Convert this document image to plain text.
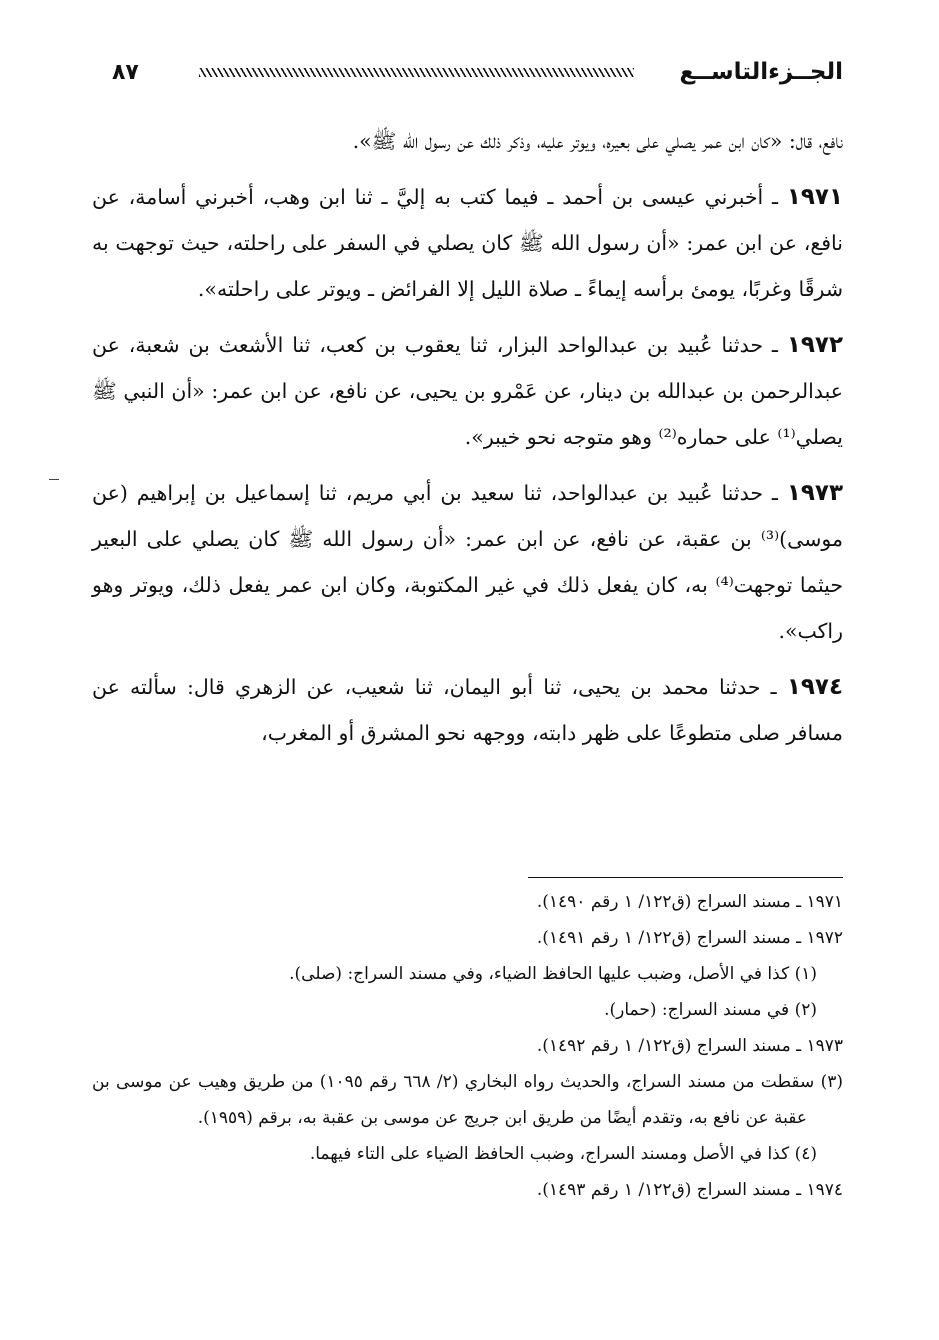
الجــزءالتاســع
٨٧

نافع، قال: «كان ابن عمر يصلي على بعيره، ويوتر عليه، وذكر ذلك عن رسول الله ﷺ».

١٩٧١ ـ أخبرني عيسى بن أحمد ـ فيما كتب به إليَّ ـ ثنا ابن وهب، أخبرني أسامة، عن نافع، عن ابن عمر: «أن رسول الله ﷺ كان يصلي في السفر على راحلته، حيث توجهت به شرقًا وغربًا، يومئ برأسه إيماءً ـ صلاة الليل إلا الفرائض ـ ويوتر على راحلته».

١٩٧٢ ـ حدثنا عُبيد بن عبدالواحد البزار، ثنا يعقوب بن كعب، ثنا الأشعث بن شعبة، عن عبدالرحمن بن عبدالله بن دينار، عن عَمْرو بن يحيى، عن نافع، عن ابن عمر: «أن النبي ﷺ يصلي⁽¹⁾ على حماره⁽²⁾ وهو متوجه نحو خيبر».

١٩٧٣ ـ حدثنا عُبيد بن عبدالواحد، ثنا سعيد بن أبي مريم، ثنا إسماعيل بن إبراهيم (عن موسى)⁽³⁾ بن عقبة، عن نافع، عن ابن عمر: «أن رسول الله ﷺ كان يصلي على البعير حيثما توجهت⁽⁴⁾ به، كان يفعل ذلك في غير المكتوبة، وكان ابن عمر يفعل ذلك، ويوتر وهو راكب».

١٩٧٤ ـ حدثنا محمد بن يحيى، ثنا أبو اليمان، ثنا شعيب، عن الزهري قال: سألته عن مسافر صلى متطوعًا على ظهر دابته، ووجهه نحو المشرق أو المغرب،

١٩٧١ ـ مسند السراج (ق١٢٢/ ١ رقم ١٤٩٠).

١٩٧٢ ـ مسند السراج (ق١٢٢/ ١ رقم ١٤٩١).

(١) كذا في الأصل، وضبب عليها الحافظ الضياء، وفي مسند السراج: (صلى).

(٢) في مسند السراج: (حمار).

١٩٧٣ ـ مسند السراج (ق١٢٢/ ١ رقم ١٤٩٢).

(٣) سقطت من مسند السراج، والحديث رواه البخاري (٢/ ٦٦٨ رقم ١٠٩٥) من طريق وهيب عن موسى بن عقبة عن نافع به، وتقدم أيضًا من طريق ابن جريج عن موسى بن عقبة به، برقم (١٩٥٩).

(٤) كذا في الأصل ومسند السراج، وضبب الحافظ الضياء على التاء فيهما.

١٩٧٤ ـ مسند السراج (ق١٢٢/ ١ رقم ١٤٩٣).
